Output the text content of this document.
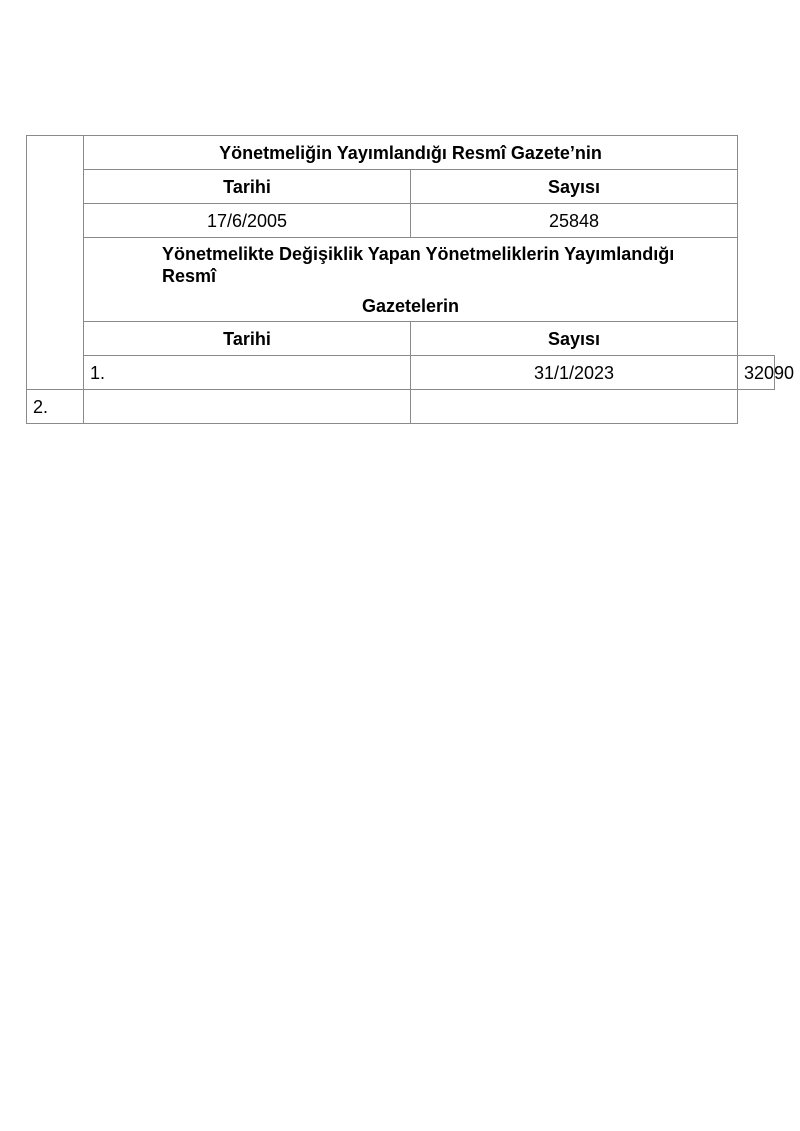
	Yönetmeliğin Yayımlandığı Resmî Gazete’nin		
	Tarihi	Sayısı	
	17/6/2005	25848	

	Yönetmelikte Değişiklik Yapan Yönetmeliklerin Yayımlandığı Resmî
Gazetelerin		

	Tarihi	Sayısı	
	1.	31/1/2023	32090
2.			
